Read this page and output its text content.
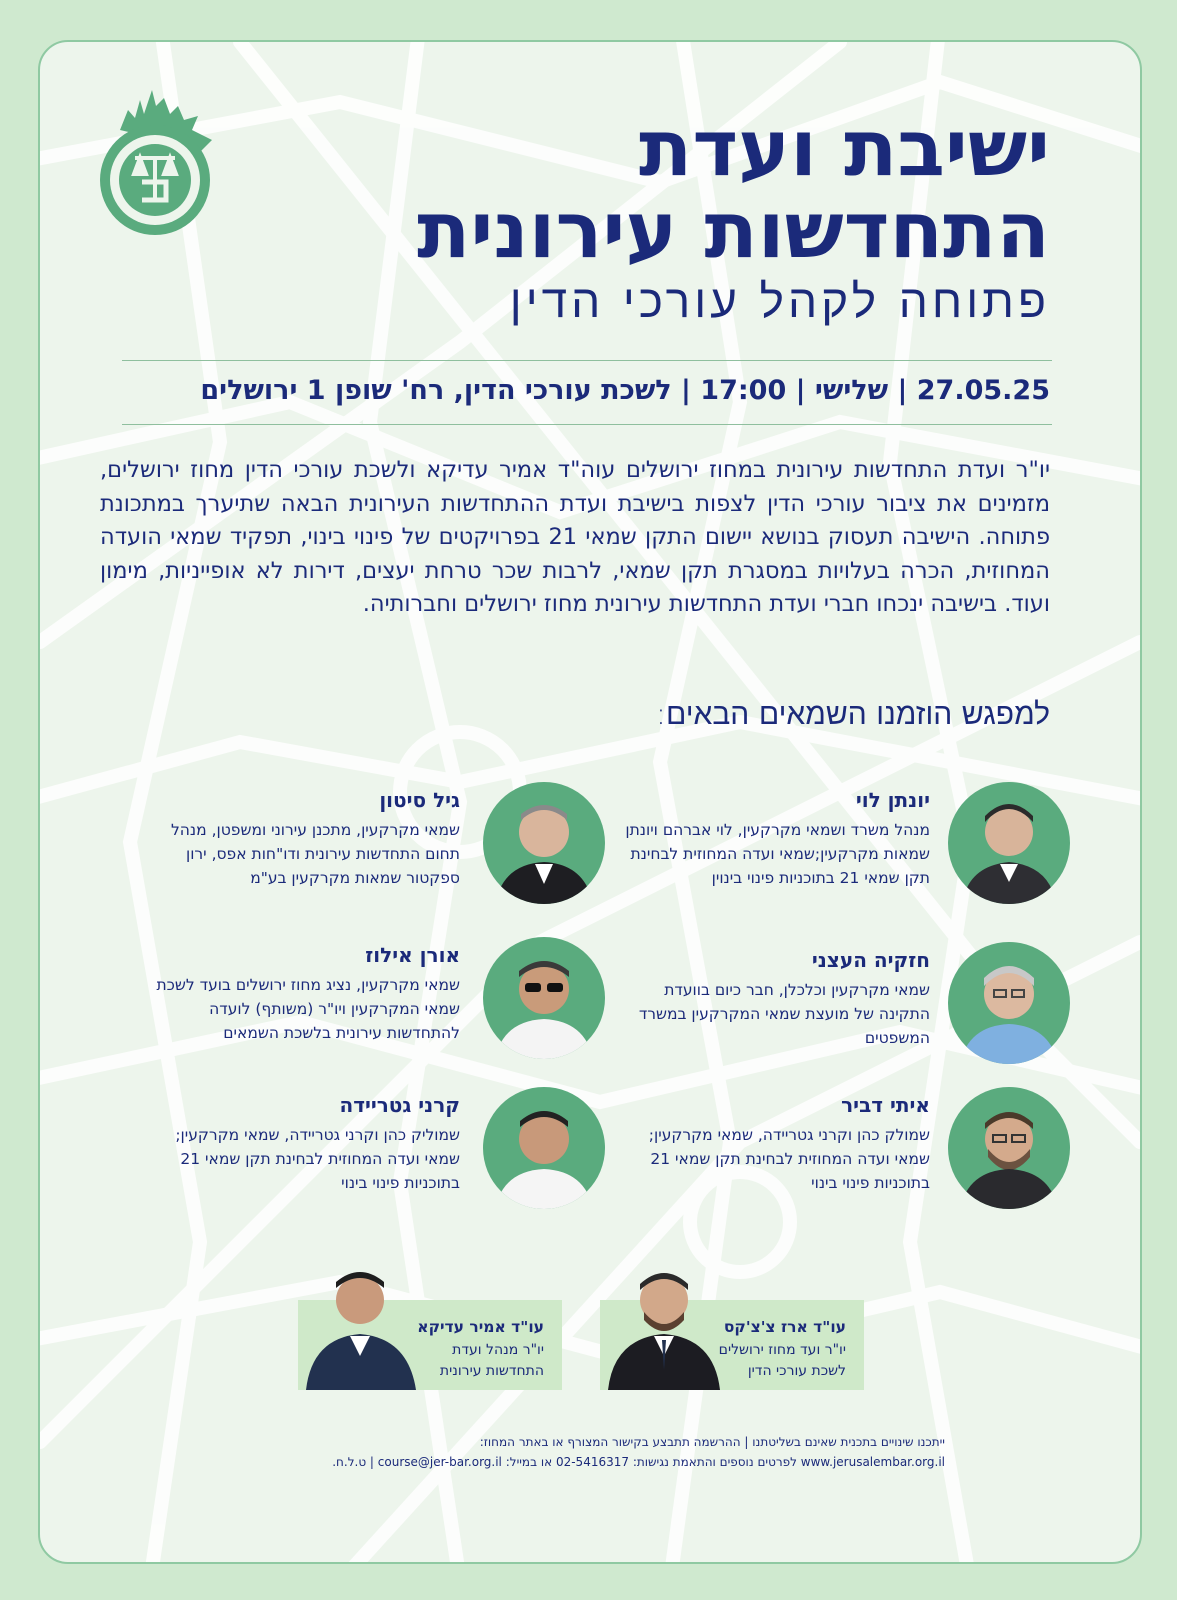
ישיבת ועדת
התחדשות עירונית
פתוחה לקהל עורכי הדין
27.05.25 | שלישי | 17:00 | לשכת עורכי הדין, רח' שופן 1 ירושלים
יו"ר ועדת התחדשות עירונית במחוז ירושלים עוה"ד אמיר עדיקא ולשכת עורכי הדין מחוז ירושלים, מזמינים את ציבור עורכי הדין לצפות בישיבת ועדת ההתחדשות העירונית הבאה שתיערך במתכונת פתוחה. הישיבה תעסוק בנושא יישום התקן שמאי 21 בפרויקטים של פינוי בינוי, תפקיד שמאי הועדה המחוזית, הכרה בעלויות במסגרת תקן שמאי, לרבות שכר טרחת יעצים, דירות לא אופייניות, מימון ועוד. בישיבה ינכחו חברי ועדת התחדשות עירונית מחוז ירושלים וחברותיה.
למפגש הוזמנו השמאים הבאים:
יונתן לוי
מנהל משרד ושמאי מקרקעין, לוי אברהם ויונתן שמאות מקרקעין;שמאי ועדה המחוזית לבחינת תקן שמאי 21 בתוכניות פינוי בינוין
גיל סיטון
שמאי מקרקעין, מתכנן עירוני ומשפטן, מנהל תחום התחדשות עירונית ודו"חות אפס, ירון ספקטור שמאות מקרקעין בע"מ
חזקיה העצני
שמאי מקרקעין וכלכלן, חבר כיום בוועדת התקינה של מועצת שמאי המקרקעין במשרד המשפטים
אורן אילוז
שמאי מקרקעין, נציג מחוז ירושלים בועד לשכת שמאי המקרקעין ויו"ר (משותף) לועדה להתחדשות עירונית בלשכת השמאים
איתי דביר
שמולק כהן וקרני גטריידה, שמאי מקרקעין; שמאי ועדה המחוזית לבחינת תקן שמאי 21 בתוכניות פינוי בינוי
קרני גטריידה
שמוליק כהן וקרני גטריידה, שמאי מקרקעין; שמאי ועדה המחוזית לבחינת תקן שמאי 21 בתוכניות פינוי בינוי
עו"ד ארז צ'צ'קס
יו"ר ועד מחוז ירושלים לשכת עורכי הדין
עו"ד אמיר עדיקא
יו"ר מנהל ועדת התחדשות עירונית
ייתכנו שינויים בתכנית שאינם בשליטתנו | ההרשמה תתבצע בקישור המצורף או באתר המחוז:
www.jerusalembar.org.il לפרטים נוספים והתאמת נגישות: 02-5416317 או במייל: course@jer-bar.org.il | ט.ל.ח.
